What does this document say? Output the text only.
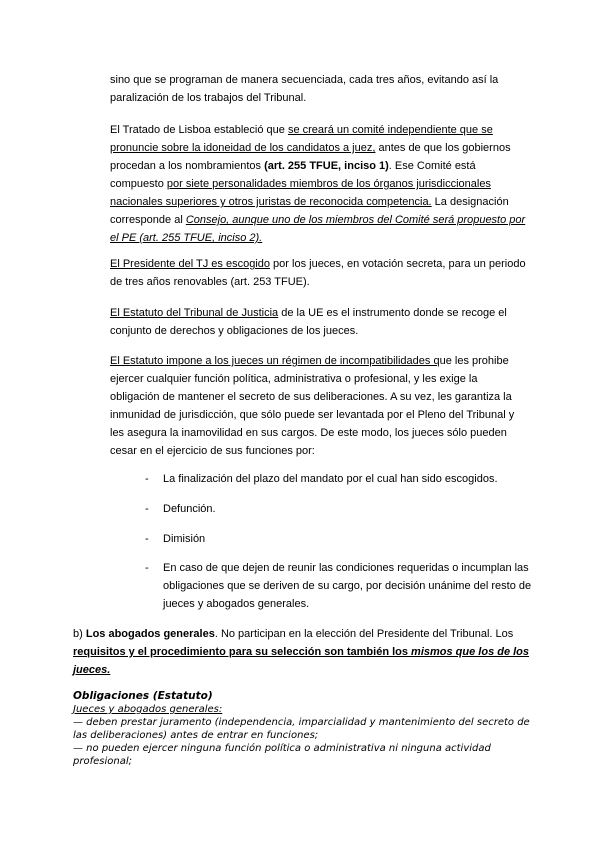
sino que se programan de manera secuenciada, cada tres años, evitando así la paralización de los trabajos del Tribunal.

El Tratado de Lisboa estableció que se creará un comité independiente que se pronuncie sobre la idoneidad de los candidatos a juez, antes de que los gobiernos procedan a los nombramientos (art. 255 TFUE, inciso 1). Ese Comité está compuesto por siete personalidades miembros de los órganos jurisdiccionales nacionales superiores y otros juristas de reconocida competencia. La designación corresponde al Consejo, aunque uno de los miembros del Comité será propuesto por el PE (art. 255 TFUE, inciso 2).

El Presidente del TJ es escogido por los jueces, en votación secreta, para un periodo de tres años renovables (art. 253 TFUE).

El Estatuto del Tribunal de Justicia de la UE es el instrumento donde se recoge el conjunto de derechos y obligaciones de los jueces.

El Estatuto impone a los jueces un régimen de incompatibilidades que les prohibe ejercer cualquier función política, administrativa o profesional, y les exige la obligación de mantener el secreto de sus deliberaciones. A su vez, les garantiza la inmunidad de jurisdicción, que sólo puede ser levantada por el Pleno del Tribunal y les asegura la inamovilidad en sus cargos. De este modo, los jueces sólo pueden cesar en el ejercicio de sus funciones por:

- La finalización del plazo del mandato por el cual han sido escogidos.

- Defunción.

- Dimisión

- En caso de que dejen de reunir las condiciones requeridas o incumplan las obligaciones que se deriven de su cargo, por decisión unánime del resto de jueces y abogados generales.

b) Los abogados generales. No participan en la elección del Presidente del Tribunal. Los requisitos y el procedimiento para su selección son también los mismos que los de los jueces.

Obligaciones (Estatuto)
Jueces y abogados generales:
— deben prestar juramento (independencia, imparcialidad y mantenimiento del secreto de las deliberaciones) antes de entrar en funciones;
— no pueden ejercer ninguna función política o administrativa ni ninguna actividad profesional;
